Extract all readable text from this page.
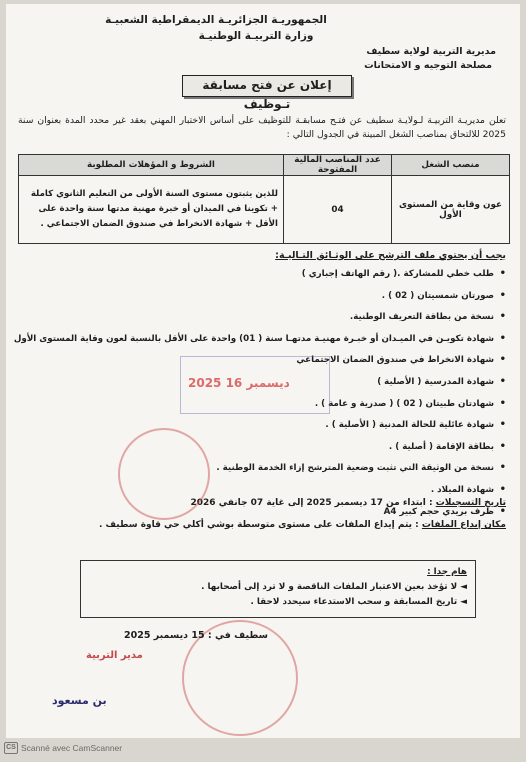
الجمهوريـة الجزائريـة الديمقراطية الشعبيـة
وزارة التربيـة الوطنيـة
مديرية التربية لولاية سطيف
مصلحة التوجيه و الامتحانات
إعلان عن فتح مسابقة تـوظيف
تعلن مديريـة التربيـة لـولايـة سطيف عن فتـح مسابقـة للتوظيف على أساس الاختبار المهني بعقد غير محدد المدة بعنوان سنة 2025 للالتحاق بمناصب الشغل المبينة في الجدول التالي :
منصب الشغل	عدد المناصب المالية المفتوحة	الشروط و المؤهلات المطلوبة
عون وقاية من المستوى الأول	04	للذين يثبتون مستوى السنة الأولى من التعليم الثانوي كاملة + تكوينا في الميدان أو خبرة مهنية مدتها سنة واحدة على الأقل + شهادة الانخراط في صندوق الضمان الاجتماعي .
يجب أن يحتوي ملف الترشح على الوثـائق التـاليـة:
•طلب خطي للمشاركة .( رقم الهاتف إجباري )
•صورتان شمسيتان ( 02 ) .
•نسخة من بطاقة التعريف الوطنية.
•شهادة تكويـن في الميـدان أو خبـرة مهنيـة مدتهـا سنة ( 01) واحدة على الأقل بالنسبة لعون وقاية المستوى الأول
•شهادة الانخراط في صندوق الضمان الاجتماعي
•شهادة المدرسية ( الأصلية )
•شهادتان طبيتان ( 02 ) ( صدرية و عامة ) .
•شهادة عائلية للحالة المدنية ( الأصلية ) .
•بطاقة الإقامة ( أصلية ) .
•نسخة من الوثيقة التي تثبت وضعية المترشح إزاء الخدمة الوطنية .
•شهادة الميلاد .
•ظرف بريدي حجم كبير A4
تاريخ التسجيلات : ابتداء من 17 ديسمبر 2025 إلى غاية 07 جانفي 2026
مكان إيداع الملفات : يتم إيداع الملفات على مستوى متوسطة بوشي أكلي حي قاوة سطيف .
هام جدا :
◄ لا تؤخذ بعين الاعتبار الملفات الناقصة و لا ترد إلى أصحابها .
◄ تاريخ المسابقة و سحب الاستدعاء سيحدد لاحقا .
2025 ديسمبر 16
سطيف في : 15 ديسمبر 2025
مدير التربية
بن مسعود
CS Scanné avec CamScanner
